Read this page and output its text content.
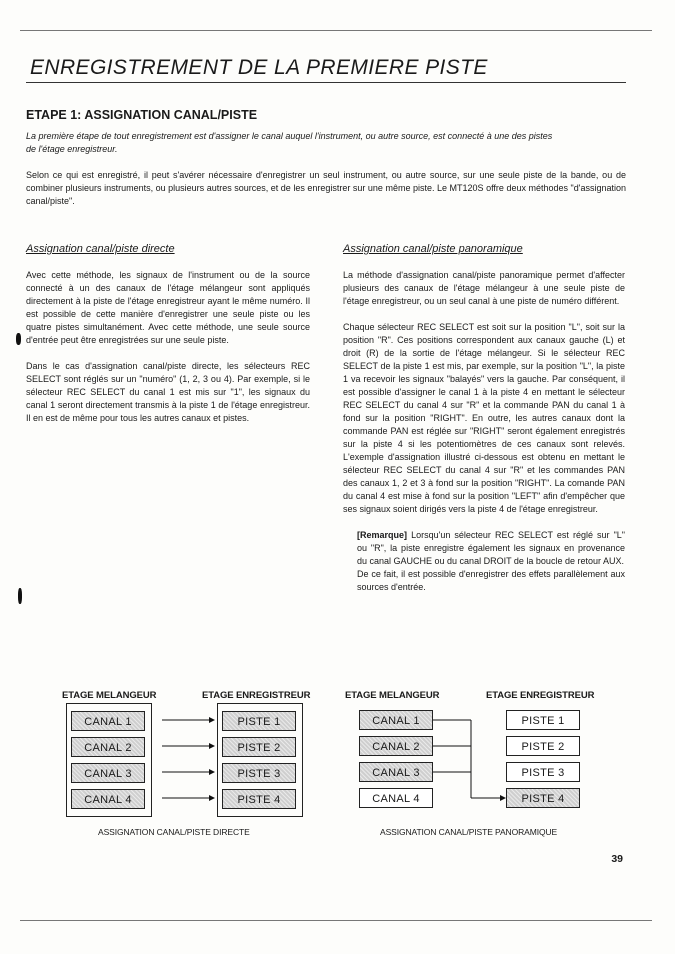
ENREGISTREMENT DE LA PREMIERE PISTE
ETAPE 1: ASSIGNATION CANAL/PISTE
La première étape de tout enregistrement est d'assigner le canal auquel l'instrument, ou autre source, est connecté à une des pistes
de l'étage enregistreur.

Selon ce qui est enregistré, il peut s'avérer nécessaire d'enregistrer un seul instrument, ou autre source, sur une seule piste de la bande, ou de combiner plusieurs instruments, ou plusieurs autres sources, et de les enregistrer sur une même piste. Le MT120S offre deux méthodes "d'assignation canal/piste".

Assignation canal/piste directe

Avec cette méthode, les signaux de l'instrument ou de la source connecté à un des canaux de l'étage mélangeur sont appliqués directement à la piste de l'étage enregistreur ayant le même numéro. Il est possible de cette manière d'enregistrer une seule piste ou les quatre pistes simultanément. Avec cette méthode, une seule source d'entrée peut être enregistrées sur une seule piste.

Dans le cas d'assignation canal/piste directe, les sélecteurs REC SELECT sont réglés sur un "numéro" (1, 2, 3 ou 4). Par exemple, si le sélecteur REC SELECT du canal 1 est mis sur "1", les signaux du canal 1 seront directement transmis à la piste 1 de l'étage enregistreur. Il en est de même pour tous les autres canaux et pistes.

Assignation canal/piste panoramique

La méthode d'assignation canal/piste panoramique permet d'affecter plusieurs des canaux de l'étage mélangeur à une seule piste de l'étage enregistreur, ou un seul canal à une piste de numéro différent.

Chaque sélecteur REC SELECT est soit sur la position "L", soit sur la position "R". Ces positions correspondent aux canaux gauche (L) et droit (R) de la sortie de l'étage mélangeur. Si le sélecteur REC SELECT de la piste 1 est mis, par exemple, sur la position "L", la piste 1 va recevoir les signaux "balayés" vers la gauche. Par conséquent, il est possible d'assigner le canal 1 à la piste 4 en mettant le sélecteur REC SELECT du canal 4 sur "R" et la commande PAN du canal 1 à fond sur la position "RIGHT". En outre, les autres canaux dont la commande PAN est réglée sur "RIGHT" seront également enregistrés sur la piste 4 si les potentiomètres de ces canaux sont relevés. L'exemple d'assignation illustré ci-dessous est obtenu en mettant le sélecteur REC SELECT du canal 4 sur "R" et les commandes PAN des canaux 1, 2 et 3 à fond sur la position "RIGHT". La comande PAN du canal 4 est mise à fond sur la position "LEFT" afin d'empêcher que ses signaux soient dirigés vers la piste 4 de l'étage enregistreur.

[Remarque] Lorsqu'un sélecteur REC SELECT est réglé sur "L" ou "R", la piste enregistre également les signaux en provenance du canal GAUCHE ou du canal DROIT de la boucle de retour AUX.

De ce fait, il est possible d'enregistrer des effets parallèlement aux sources d'entrée.

ETAGE MELANGEUR	ETAGE ENREGISTREUR
CANAL 1
CANAL 2
CANAL 3
CANAL 4
PISTE 1
PISTE 2
PISTE 3
PISTE 4
ASSIGNATION CANAL/PISTE DIRECTE
ETAGE MELANGEUR	ETAGE ENREGISTREUR
CANAL 1
CANAL 2
CANAL 3
CANAL 4
PISTE 1
PISTE 2
PISTE 3
PISTE 4
ASSIGNATION CANAL/PISTE PANORAMIQUE
39
